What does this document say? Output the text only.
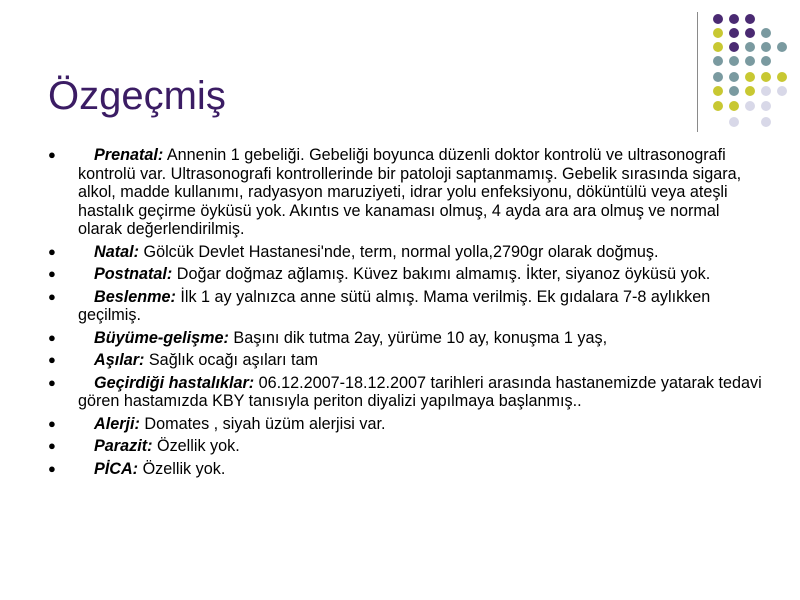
Özgeçmiş
● Prenatal: Annenin 1 gebeliği. Gebeliği boyunca düzenli doktor kontrolü ve ultrasonografi kontrolü var. Ultrasonografi kontrollerinde bir patoloji saptanmamış. Gebelik sırasında sigara, alkol, madde kullanımı, radyasyon maruziyeti, idrar yolu enfeksiyonu, döküntülü veya ateşli hastalık geçirme öyküsü yok. Akıntıs ve kanaması olmuş, 4 ayda ara ara olmuş ve normal olarak değerlendirilmiş.
● Natal: Gölcük Devlet Hastanesi'nde, term, normal yolla,2790gr olarak doğmuş.
● Postnatal: Doğar doğmaz ağlamış. Küvez bakımı almamış. İkter, siyanoz öyküsü yok.
● Beslenme: İlk 1 ay yalnızca anne sütü almış. Mama verilmiş. Ek gıdalara 7-8 aylıkken geçilmiş.
● Büyüme-gelişme: Başını dik tutma 2ay, yürüme 10 ay, konuşma 1 yaş,
● Aşılar: Sağlık ocağı aşıları tam
● Geçirdiği hastalıklar: 06.12.2007-18.12.2007 tarihleri arasında hastanemizde yatarak tedavi gören hastamızda KBY tanısıyla periton diyalizi yapılmaya başlanmış..
● Alerji: Domates , siyah üzüm alerjisi var.
● Parazit: Özellik yok.
● PİCA: Özellik yok.
